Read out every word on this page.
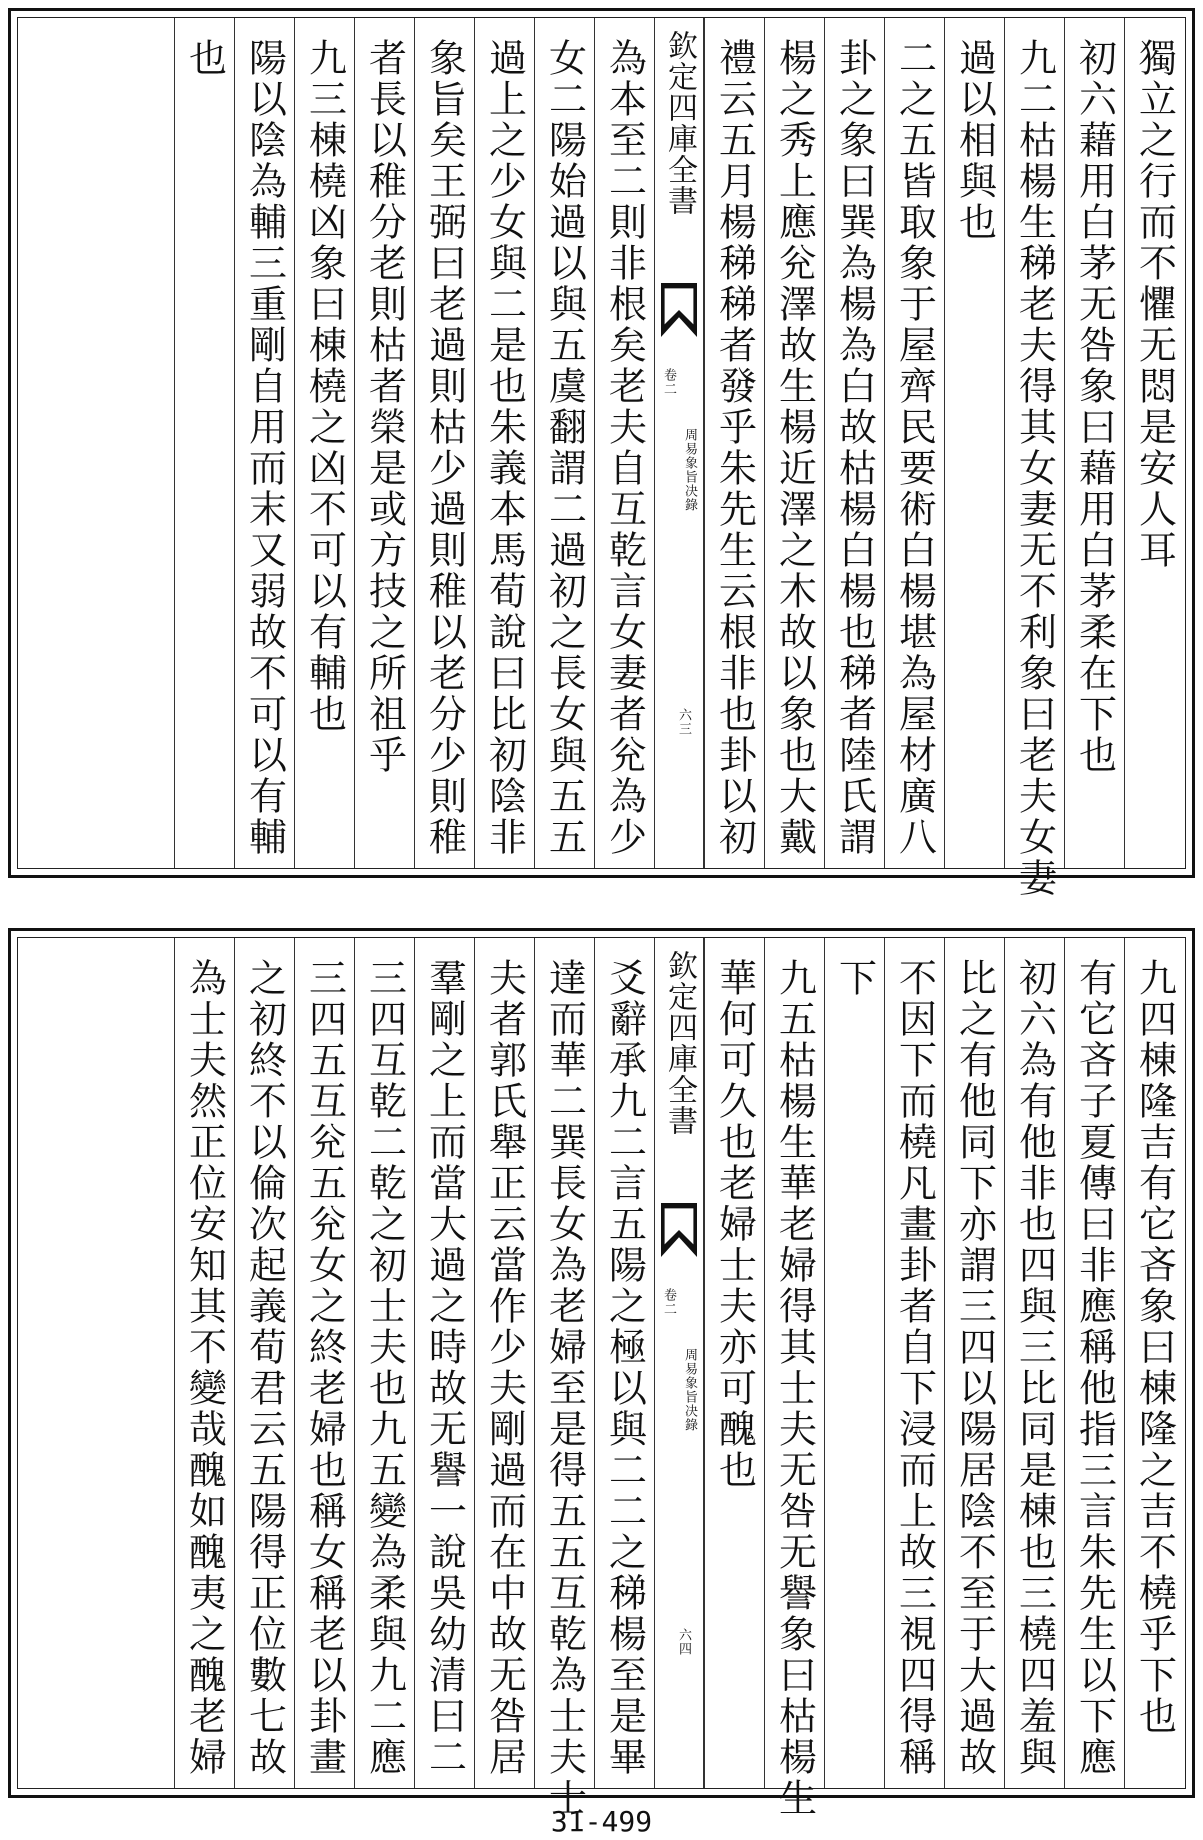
獨立之行而不懼无悶是安人耳
初六藉用白茅无咎象曰藉用白茅柔在下也
九二枯楊生稊老夫得其女妻无不利象曰老夫女妻
過以相與也
二之五皆取象于屋齊民要術白楊堪為屋材廣八
卦之象曰巽為楊為白故枯楊白楊也稊者陸氏謂
楊之秀上應兊澤故生楊近澤之木故以象也大戴
禮云五月楊稊稊者發乎朱先生云根非也卦以初
欽定四庫全書
卷二
周易象旨决錄
六三
為本至二則非根矣老夫自互乾言女妻者兊為少
女二陽始過以與五虞翻謂二過初之長女與五五
過上之少女與二是也朱義本馬荀說曰比初陰非
象旨矣王弼曰老過則枯少過則稚以老分少則稚
者長以稚分老則枯者榮是或方技之所祖乎
九三棟橈凶象曰棟橈之凶不可以有輔也
陽以陰為輔三重剛自用而末又弱故不可以有輔
也
九四棟隆吉有它吝象曰棟隆之吉不橈乎下也
有它吝子夏傳曰非應稱他指三言朱先生以下應
初六為有他非也四與三比同是棟也三橈四羞與
比之有他同下亦謂三四以陽居陰不至于大過故
不因下而橈凡畫卦者自下浸而上故三視四得稱
下
九五枯楊生華老婦得其士夫无咎无譽象曰枯楊生
華何可久也老婦士夫亦可醜也
欽定四庫全書
卷二
周易象旨决錄
六四
爻辭承九二言五陽之極以與二二之稊楊至是畢
達而華二巽長女為老婦至是得五五互乾為士夫士
夫者郭氏舉正云當作少夫剛過而在中故无咎居
羣剛之上而當大過之時故无譽一說吳幼清曰二
三四互乾二乾之初士夫也九五變為柔與九二應
三四五互兊五兊女之終老婦也稱女稱老以卦畫
之初終不以倫次起義荀君云五陽得正位數七故
為士夫然正位安知其不變哉醜如醜夷之醜老婦
31-499
